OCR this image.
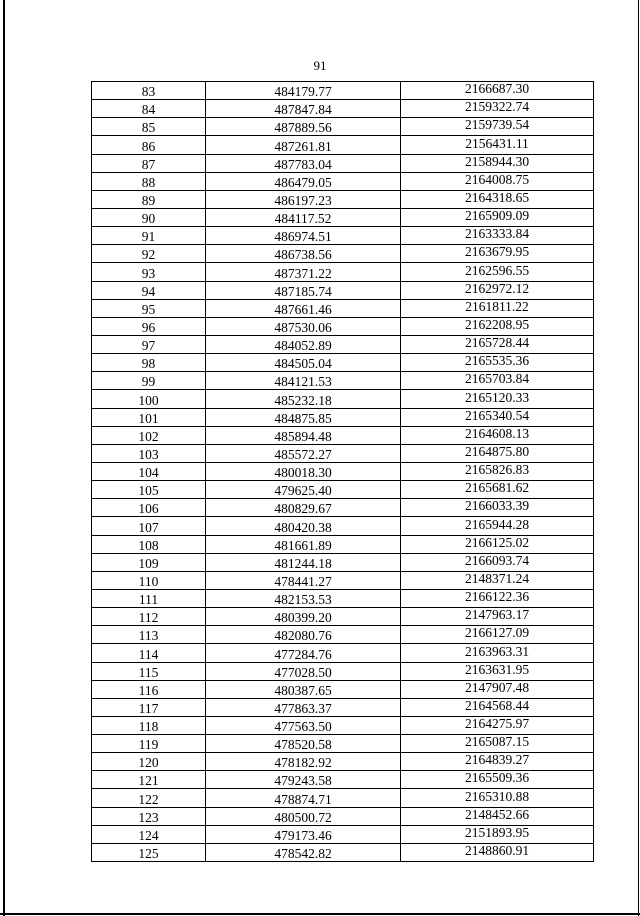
91
83	484179.77	2166687.30
84	487847.84	2159322.74
85	487889.56	2159739.54
86	487261.81	2156431.11
87	487783.04	2158944.30
88	486479.05	2164008.75
89	486197.23	2164318.65
90	484117.52	2165909.09
91	486974.51	2163333.84
92	486738.56	2163679.95
93	487371.22	2162596.55
94	487185.74	2162972.12
95	487661.46	2161811.22
96	487530.06	2162208.95
97	484052.89	2165728.44
98	484505.04	2165535.36
99	484121.53	2165703.84
100	485232.18	2165120.33
101	484875.85	2165340.54
102	485894.48	2164608.13
103	485572.27	2164875.80
104	480018.30	2165826.83
105	479625.40	2165681.62
106	480829.67	2166033.39
107	480420.38	2165944.28
108	481661.89	2166125.02
109	481244.18	2166093.74
110	478441.27	2148371.24
111	482153.53	2166122.36
112	480399.20	2147963.17
113	482080.76	2166127.09
114	477284.76	2163963.31
115	477028.50	2163631.95
116	480387.65	2147907.48
117	477863.37	2164568.44
118	477563.50	2164275.97
119	478520.58	2165087.15
120	478182.92	2164839.27
121	479243.58	2165509.36
122	478874.71	2165310.88
123	480500.72	2148452.66
124	479173.46	2151893.95
125	478542.82	2148860.91
